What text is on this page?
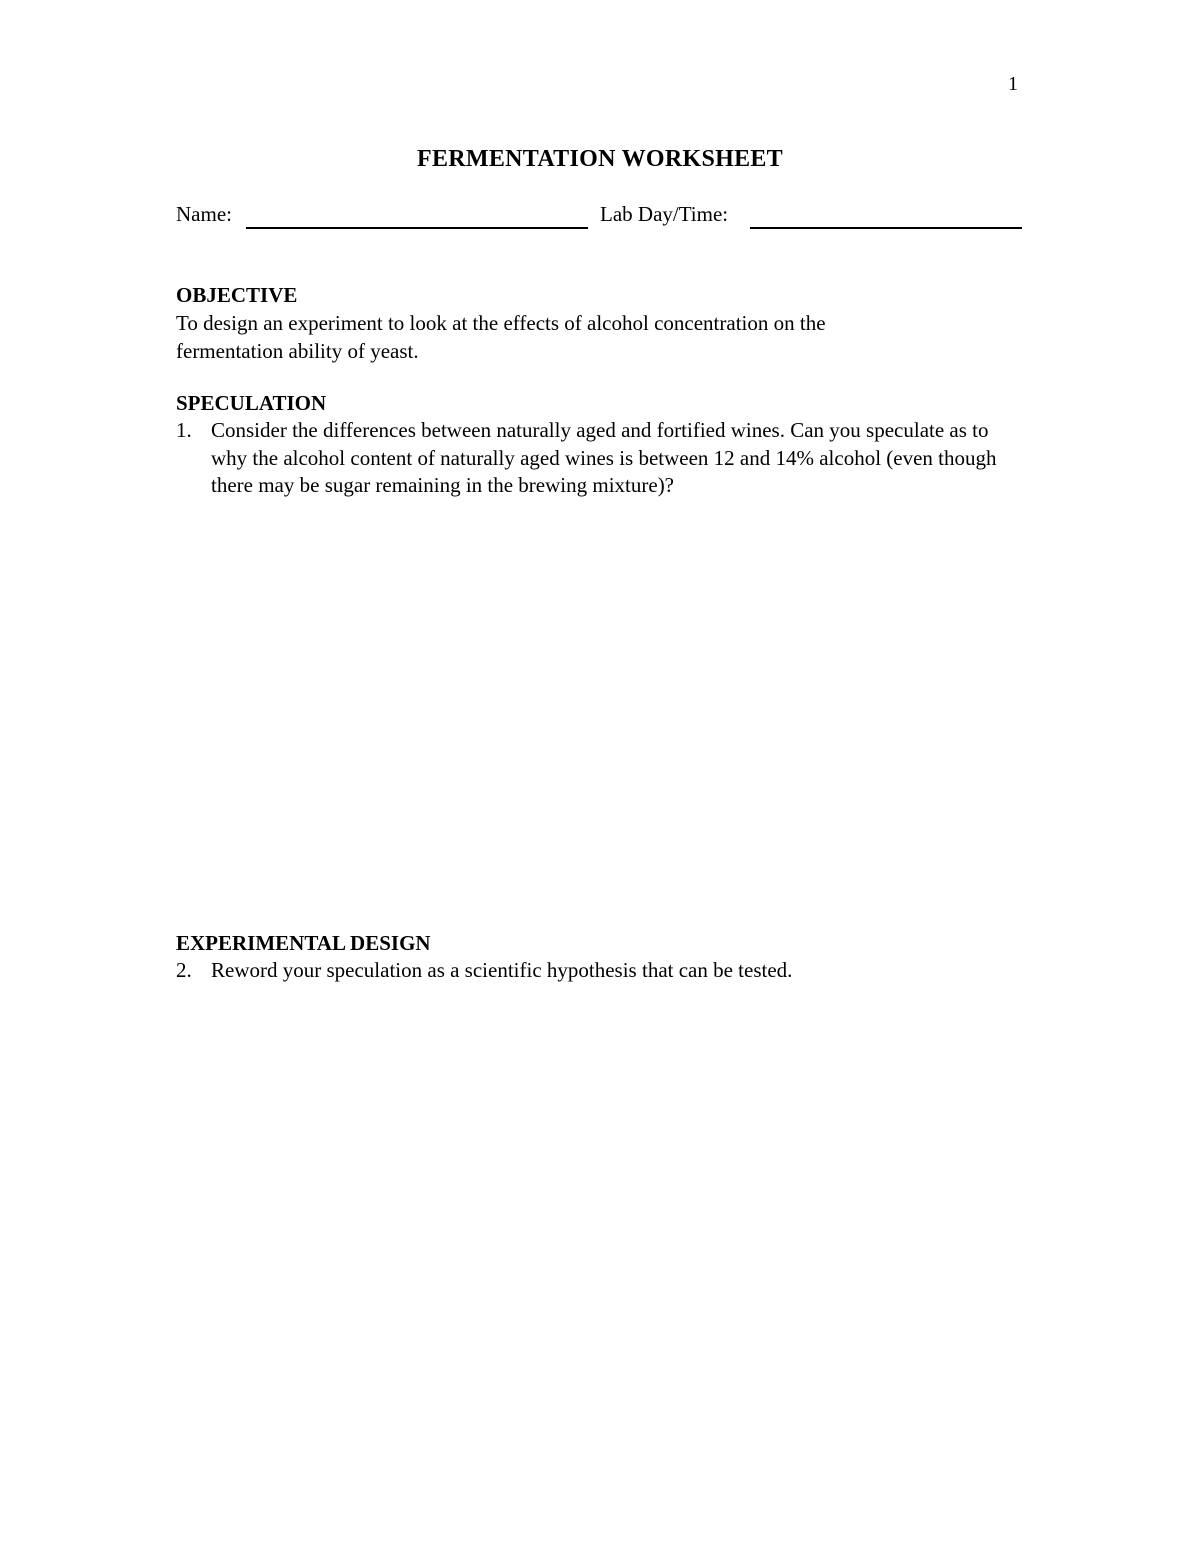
1
FERMENTATION WORKSHEET
Name:	Lab Day/Time:
OBJECTIVE
To design an experiment to look at the effects of alcohol concentration on the fermentation ability of yeast.
SPECULATION
1. Consider the differences between naturally aged and fortified wines. Can you speculate as to why the alcohol content of naturally aged wines is between 12 and 14% alcohol (even though there may be sugar remaining in the brewing mixture)?
EXPERIMENTAL DESIGN
2. Reword your speculation as a scientific hypothesis that can be tested.
